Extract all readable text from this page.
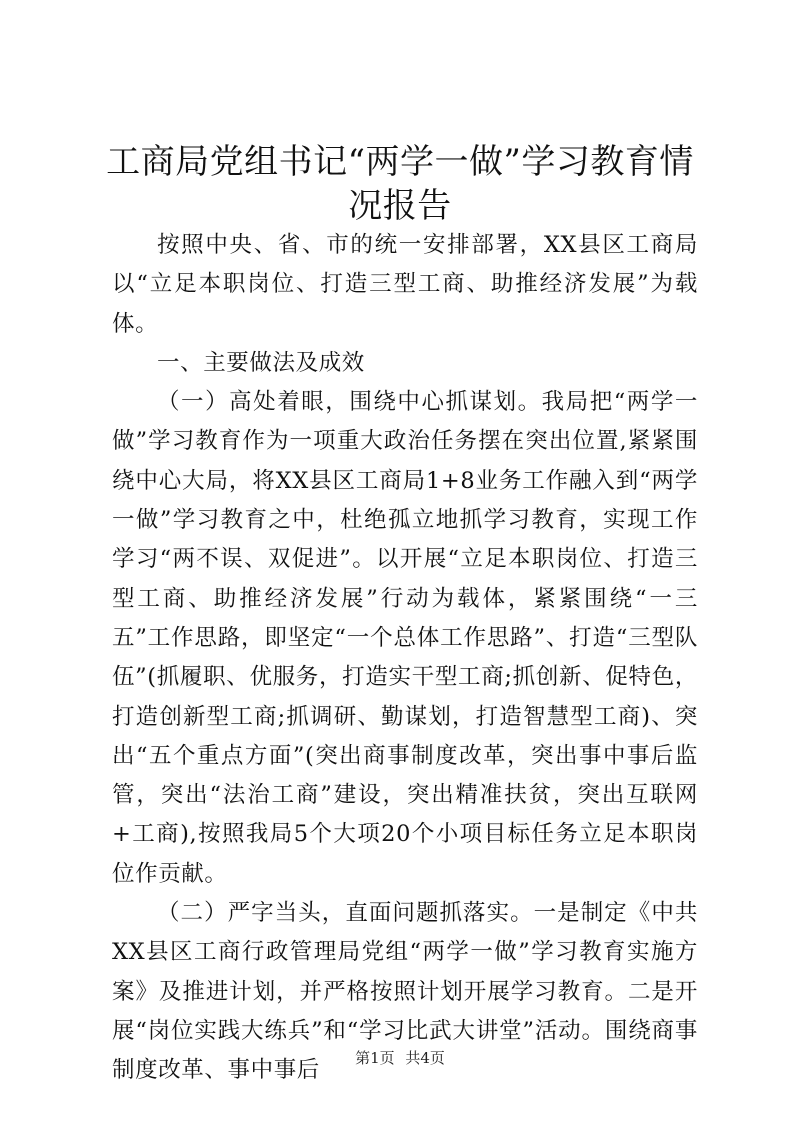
工商局党组书记“两学一做”学习教育情况报告

按照中央、省、市的统一安排部署，XX县区工商局以“立足本职岗位、打造三型工商、助推经济发展”为载体。

一、主要做法及成效

（一）高处着眼，围绕中心抓谋划。我局把“两学一做”学习教育作为一项重大政治任务摆在突出位置,紧紧围绕中心大局，将XX县区工商局1+8业务工作融入到“两学一做”学习教育之中，杜绝孤立地抓学习教育，实现工作学习“两不误、双促进”。以开展“立足本职岗位、打造三型工商、助推经济发展”行动为载体，紧紧围绕“一三五”工作思路，即坚定“一个总体工作思路”、打造“三型队伍”(抓履职、优服务，打造实干型工商;抓创新、促特色，打造创新型工商;抓调研、勤谋划，打造智慧型工商)、突出“五个重点方面”(突出商事制度改革，突出事中事后监管，突出“法治工商”建设，突出精准扶贫，突出互联网+工商),按照我局5个大项20个小项目标任务立足本职岗位作贡献。

（二）严字当头，直面问题抓落实。一是制定《中共XX县区工商行政管理局党组“两学一做”学习教育实施方案》及推进计划，并严格按照计划开展学习教育。二是开展“岗位实践大练兵”和“学习比武大讲堂”活动。围绕商事制度改革、事中事后	第1页 共4页
